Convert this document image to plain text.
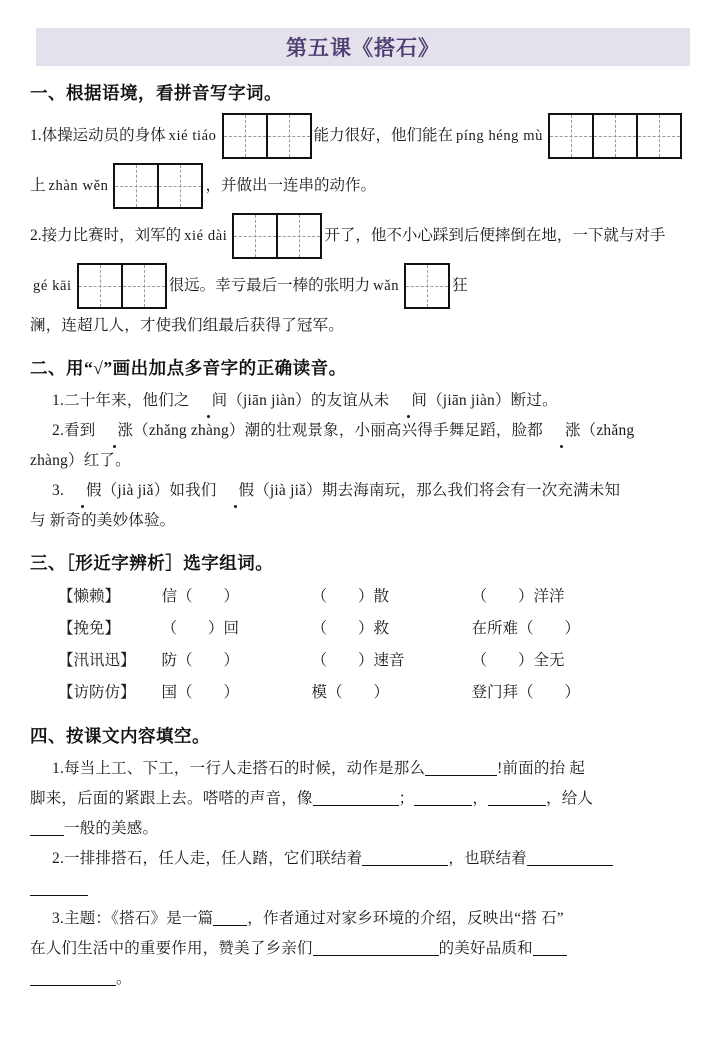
第五课《搭石》
一、根据语境，看拼音写字词。
1. 体操运动员的身体 xié tiáo	能力很好，他们能在 píng héng mù
上 zhàn wěn	，并做出一连串的动作。
2. 接力比赛时，刘军的 xié dài	开了，他不小心踩到后便摔倒在地， 一下就与对手
gé kāi	很远。幸亏最后一棒的张明力 wǎn	狂
澜，连超几人，才使我们组最后获得了冠军。
二、用“√”画出加点多音字的正确读音。
1.二十年来，他们之 间（jiān jiàn）的友谊从未 间（jiān jiàn）断过。
2.看到 涨（zhǎng zhàng）潮的壮观景象，小丽高兴得手舞足蹈，脸都 涨（zhǎng
zhàng）红了。
3. 假（jià jiǎ）如我们 假（jià jiǎ）期去海南玩，那么我们将会有一次充满未知
与 新奇的美妙体验。
三、［形近字辨析］选字组词。
【懒赖】	信（　　）	（　　）散	（　　）洋洋
【挽免】	（　　）回	（　　）救	在所难（　　）
【汛讯迅】	防（　　）	（　　）速音	（　　）全无
【访防仿】	国（　　）	模（　　）	登门拜（　　）
四、按课文内容填空。
1.每当上工、下工，一行人走搭石的时候，动作是那么	!前面的抬 起
脚来，后面的紧跟上去。嗒嗒的声音，像	；	，	，给人
一般的美感。
2.一排排搭石，任人走，任人踏，它们联结着	，也联结着
3.主题：《搭石》是一篇 ，作者通过对家乡环境的介绍，反映出“搭 石”
在人们生活中的重要作用，赞美了乡亲们	的美好品质和
。
